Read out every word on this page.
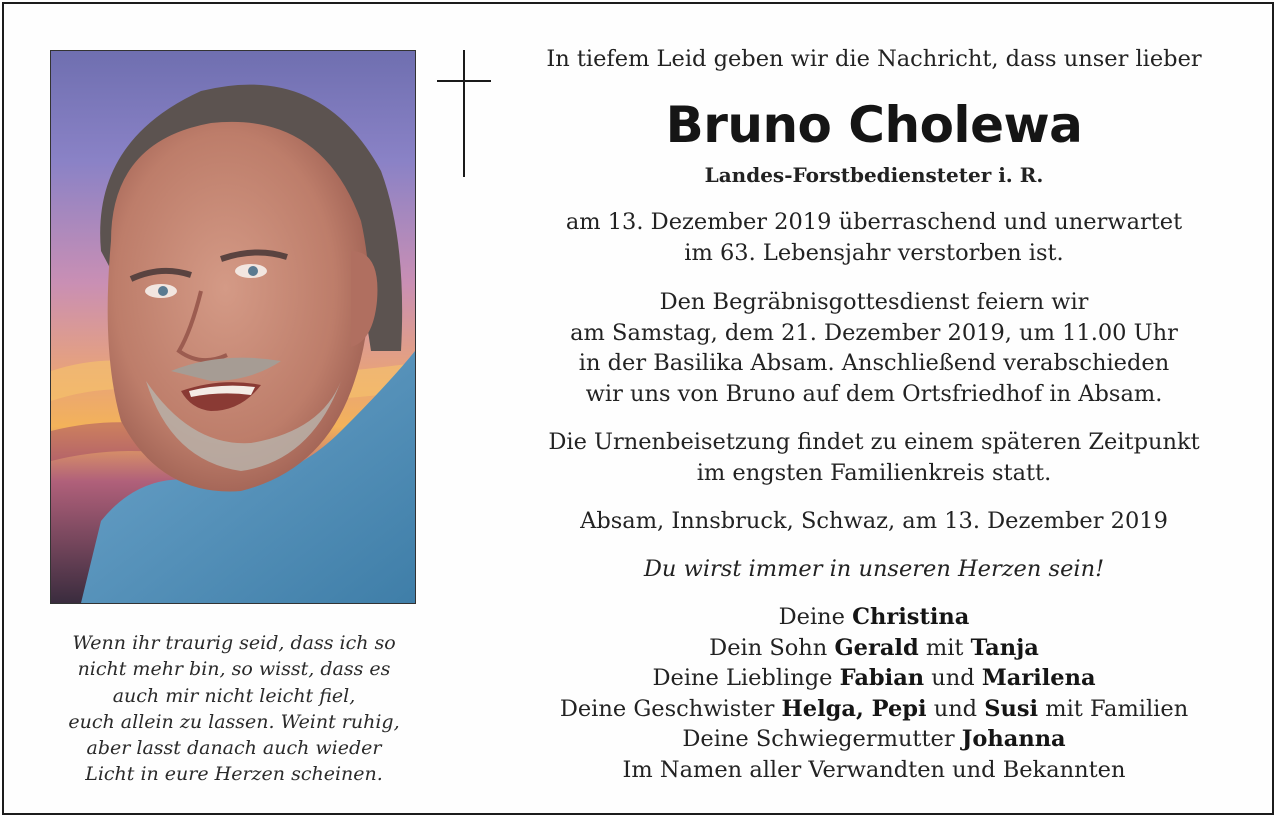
Wenn ihr traurig seid, dass ich so
nicht mehr bin, so wisst, dass es
auch mir nicht leicht fiel,
euch allein zu lassen. Weint ruhig,
aber lasst danach auch wieder
Licht in eure Herzen scheinen.
In tiefem Leid geben wir die Nachricht, dass unser lieber
Bruno Cholewa
Landes-Forstbediensteter i. R.
am 13. Dezember 2019 überraschend und unerwartet
im 63. Lebensjahr verstorben ist.
Den Begräbnisgottesdienst feiern wir
am Samstag, dem 21. Dezember 2019, um 11.00 Uhr
in der Basilika Absam. Anschließend verabschieden
wir uns von Bruno auf dem Ortsfriedhof in Absam.
Die Urnenbeisetzung findet zu einem späteren Zeitpunkt
im engsten Familienkreis statt.
Absam, Innsbruck, Schwaz, am 13. Dezember 2019
Du wirst immer in unseren Herzen sein!
Deine Christina
Dein Sohn Gerald mit Tanja
Deine Lieblinge Fabian und Marilena
Deine Geschwister Helga, Pepi und Susi mit Familien
Deine Schwiegermutter Johanna
Im Namen aller Verwandten und Bekannten
